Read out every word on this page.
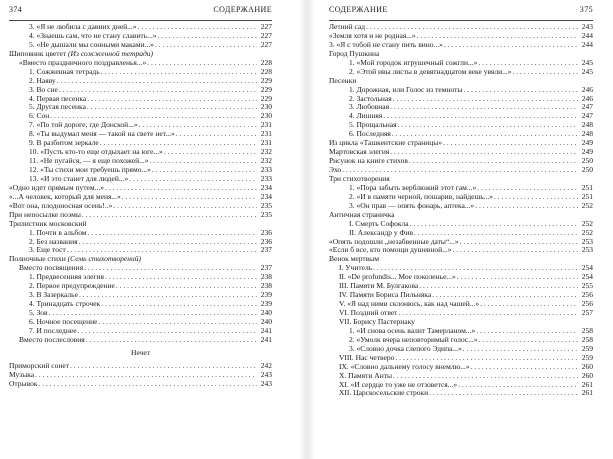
374	СОДЕРЖАНИЕ
3. «Я не любила с давних дней...» . . .	227
4. «Знаешь сам, что не стану славить...» . . .	227
5. «Не дышали мы сонными маками...» . . .	227
Шиповник цветет (Из сожженной тетради)
«Вместо праздничного поздравленья...» . . .	228
1. Сожженная тетрадь . . .	228
2. Наяву . . .	229
3. Во сне . . .	229
4. Первая песенка . . .	229
5. Другая песенка . . .	230
6. Сон . . .	230
7. «По той дороге, где Донской...» . . .	231
8. «Ты выдумал меня — такой на свете нет...» . . .	231
9. В разбитом зеркале . . .	231
10. «Пусть кто-то еще отдыхает на юге...» . . .	232
11. «Не пугайся, — я еще похожей...» . . .	232
12. «Ты стихи мои требуешь прямо...» . . .	233
13. «И это станет для людей...» . . .	233
«Одно идет прямым путем...» . . .	234
«...А человек, который для меня...» . . .	234
«Вот она, плодоносная осень!..» . . .	235
При непосылке поэмы . . .	235
Трилистник московский
1. Почти в альбом . . .	236
2. Без названия . . .	236
3. Еще тост . . .	237
Полночные стихи (Семь стихотворений)
Вместо посвящения . . .	237
1. Предвесенняя элегия . . .	238
2. Первое предупреждение . . .	238
3. В Зазеркалье . . .	239
4. Тринадцать строчек . . .	239
5. Зов . . .	240
6. Ночное посещение . . .	240
7. И последнее . . .	241
Вместо послесловия . . .	241
Нечет
Приморский сонет . . .	242
Музыка . . .	243
Отрывок . . .	243
СОДЕРЖАНИЕ	375
Летний сад . . .	243
«Земля хотя и не родная...» . . .	244
3. «Я с тобой не стану пить вино...» . . .	244
Город Пушкина
1. «Мой городок игрушечный сожгли...» . . .	245
2. «Этой ивы листы в девятнадцатом веке увяли...» . . .	245
Песенки
1. Дорожная, или Голос из темноты . . .	246
2. Застольная . . .	246
3. Любовная . . .	247
4. Лишняя . . .	247
5. Прощальная . . .	248
6. Последняя . . .	248
Из цикла «Ташкентские страницы» . . .	249
Мартовская элегия . . .	249
Рисунок на книге стихов . . .	250
Эхо . . .	250
Три стихотворения
1. «Пора забыть верблюжий этот гам...» . . .	251
2. «И в памяти черной, пошарив, найдешь...» . . .	251
3. «Он прав — опять фонарь, аптека...» . . .	252
Античная страничка
I. Смерть Софокла . . .	252
II. Александр у Фив . . .	252
«Опять подошли „незабвенные даты“...» . . .	253
«Если б все, кто помощи душевной...» . . .	253
Венок мертвым
I. Учитель . . .	254
II. «De profundis... Мое поколенье...» . . .	254
III. Памяти М. Булгакова . . .	255
IV. Памяти Бориса Пильняка . . .	256
V. «Я над ними склонюсь, как над чашей...» . . .	256
VI. Поздний ответ . . .	257
VII. Борису Пастернаку
1. «И снова осень валит Тамерланом...» . . .	258
2. «Умолк вчера неповторимый голос...» . . .	258
3. «Словно дочка слепого Эдипа...» . . .	259
VIII. Нас четверо . . .	259
IX. «Словно дальнему голосу внемлю...» . . .	260
X. Памяти Анты . . .	260
XI. «И сердце то уже не отзовется...» . . .	261
XII. Царскосельские строки . . .	261
